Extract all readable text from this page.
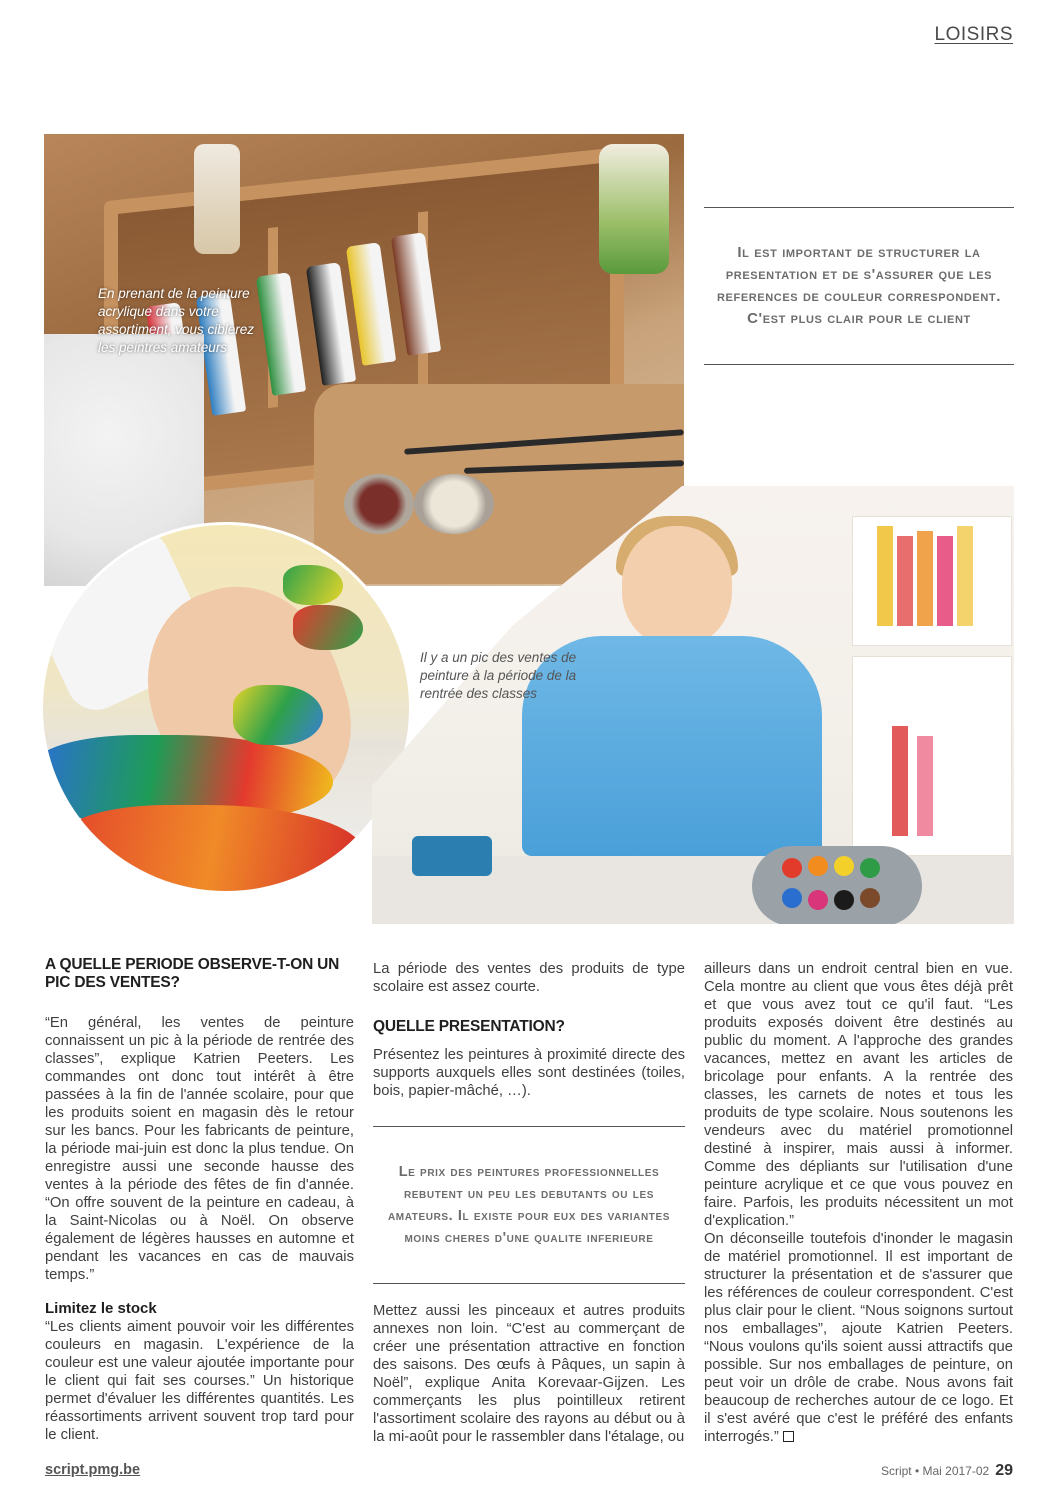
LOISIRS
En prenant de la peinture acrylique dans votre assortiment, vous ciblerez les peintres amateurs
Il y a un pic des ventes de peinture à la période de la rentrée des classes
Il est important de structurer la presentation et de s'assurer que les references de couleur correspondent. C'est plus clair pour le client
Le prix des peintures professionnelles rebutent un peu les debutants ou les amateurs. Il existe pour eux des variantes moins cheres d'une qualite inferieure
A QUELLE PERIODE OBSERVE-T-ON UN PIC DES VENTES?

“En général, les ventes de peinture connaissent un pic à la période de rentrée des classes”, explique Katrien Peeters. Les commandes ont donc tout intérêt à être passées à la fin de l'année scolaire, pour que les produits soient en magasin dès le retour sur les bancs. Pour les fabricants de peinture, la période mai-juin est donc la plus tendue. On enregistre aussi une seconde hausse des ventes à la période des fêtes de fin d'année. “On offre souvent de la peinture en cadeau, à la Saint-Nicolas ou à Noël. On observe également de légères hausses en automne et pendant les vacances en cas de mauvais temps.”

Limitez le stock

“Les clients aiment pouvoir voir les différentes couleurs en magasin. L'expérience de la couleur est une valeur ajoutée importante pour le client qui fait ses courses.” Un historique permet d'évaluer les différentes quantités. Les réassortiments arrivent souvent trop tard pour le client.

La période des ventes des produits de type scolaire est assez courte.

QUELLE PRESENTATION?

Présentez les peintures à proximité directe des supports auxquels elles sont destinées (toiles, bois, papier-mâché, …).

Mettez aussi les pinceaux et autres produits annexes non loin. “C'est au commerçant de créer une présentation attractive en fonction des saisons. Des œufs à Pâques, un sapin à Noël”, explique Anita Korevaar-Gijzen. Les commerçants les plus pointilleux retirent l'assortiment scolaire des rayons au début ou à la mi-août pour le rassembler dans l'étalage, ou

ailleurs dans un endroit central bien en vue. Cela montre au client que vous êtes déjà prêt et que vous avez tout ce qu'il faut. “Les produits exposés doivent être destinés au public du moment. A l'approche des grandes vacances, mettez en avant les articles de bricolage pour enfants. A la rentrée des classes, les carnets de notes et tous les produits de type scolaire. Nous soutenons les vendeurs avec du matériel promotionnel destiné à inspirer, mais aussi à informer. Comme des dépliants sur l'utilisation d'une peinture acrylique et ce que vous pouvez en faire. Parfois, les produits nécessitent un mot d'explication.”

On déconseille toutefois d'inonder le magasin de matériel promotionnel. Il est important de structurer la présentation et de s'assurer que les références de couleur correspondent. C'est plus clair pour le client. “Nous soignons surtout nos emballages”, ajoute Katrien Peeters. “Nous voulons qu'ils soient aussi attractifs que possible. Sur nos emballages de peinture, on peut voir un drôle de crabe. Nous avons fait beaucoup de recherches autour de ce logo. Et il s'est avéré que c'est le préféré des enfants interrogés.”

script.pmg.be	Script • Mai 2017-02 29
